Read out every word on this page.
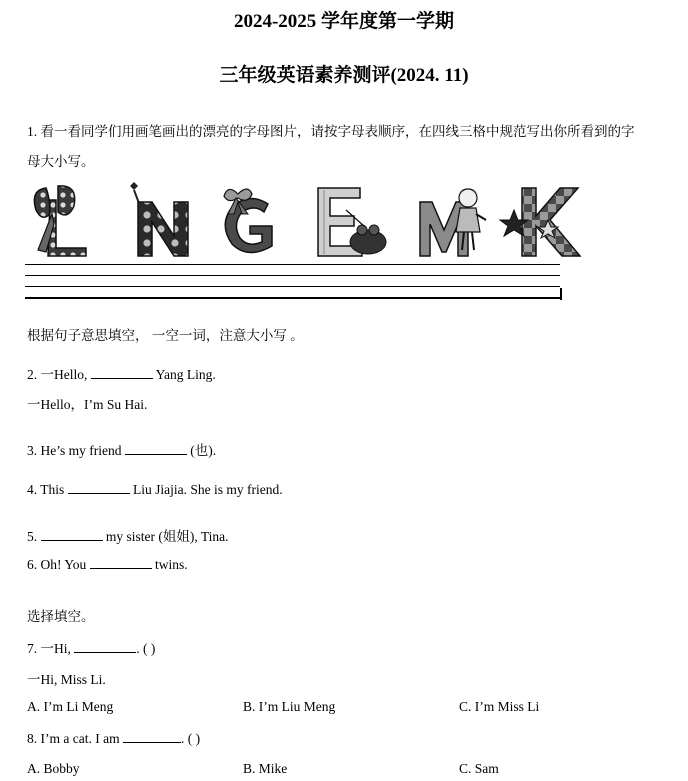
2024-2025 学年度第一学期
三年级英语素养测评(2024. 11)
1. 看一看同学们用画笔画出的漂亮的字母图片，请按字母表顺序，在四线三格中规范写出你所看到的字
母大小写。
根据句子意思填空， 一空一词，注意大小写 。
2. 一Hello,	Yang Ling.
一Hello，I’m Su Hai.
3. He’s my friend	(也).
4. This	Liu Jiajia. She is my friend.
5.	my sister (姐姐), Tina.
6. Oh! You	twins.
选择填空。
7. 一Hi,	. ( )
一Hi, Miss Li.
A. I’m Li Meng	B. I’m Liu Meng	C. I’m Miss Li
8. I’m a cat. I am	. ( )
A. Bobby	B. Mike	C. Sam
